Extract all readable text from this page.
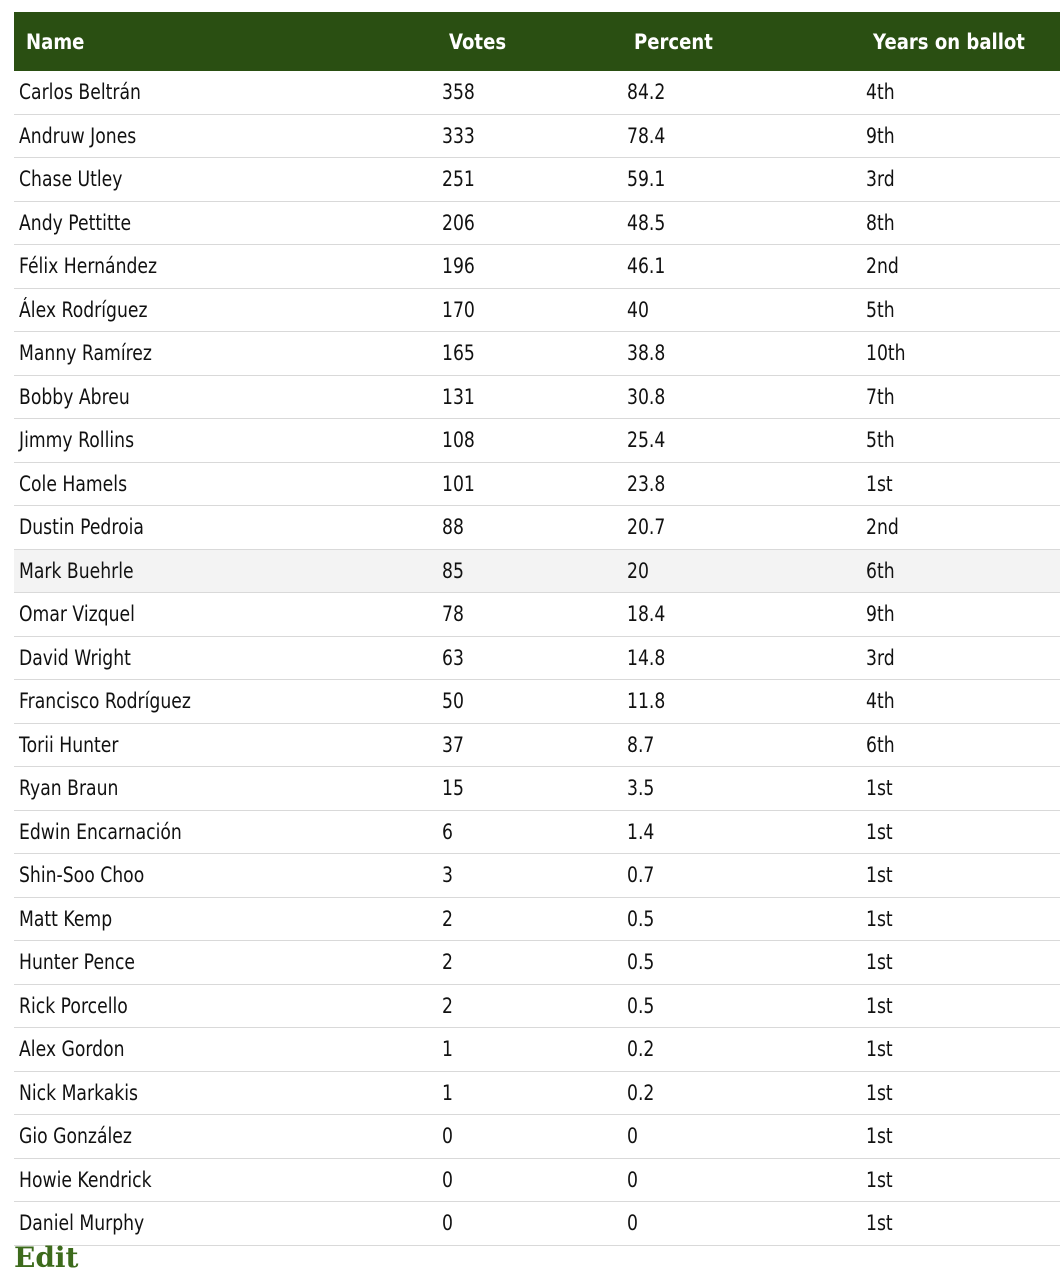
Name	Votes	Percent	Years on ballot
Carlos Beltrán	358	84.2	4th
Andruw Jones	333	78.4	9th
Chase Utley	251	59.1	3rd
Andy Pettitte	206	48.5	8th
Félix Hernández	196	46.1	2nd
Álex Rodríguez	170	40	5th
Manny Ramírez	165	38.8	10th
Bobby Abreu	131	30.8	7th
Jimmy Rollins	108	25.4	5th
Cole Hamels	101	23.8	1st
Dustin Pedroia	88	20.7	2nd
Mark Buehrle	85	20	6th
Omar Vizquel	78	18.4	9th
David Wright	63	14.8	3rd
Francisco Rodríguez	50	11.8	4th
Torii Hunter	37	8.7	6th
Ryan Braun	15	3.5	1st
Edwin Encarnación	6	1.4	1st
Shin-Soo Choo	3	0.7	1st
Matt Kemp	2	0.5	1st
Hunter Pence	2	0.5	1st
Rick Porcello	2	0.5	1st
Alex Gordon	1	0.2	1st
Nick Markakis	1	0.2	1st
Gio González	0	0	1st
Howie Kendrick	0	0	1st
Daniel Murphy	0	0	1st
Edit
